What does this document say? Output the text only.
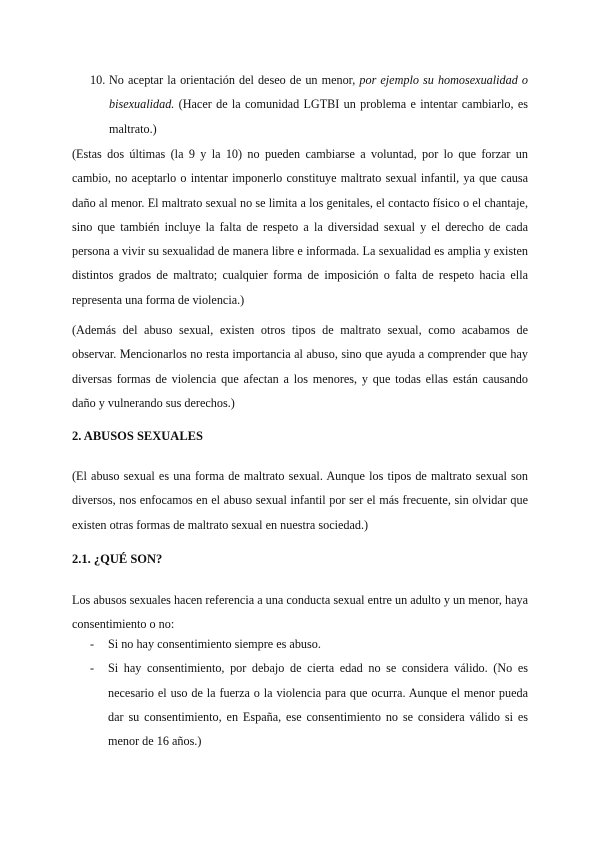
10. No aceptar la orientación del deseo de un menor, por ejemplo su homosexualidad o bisexualidad. (Hacer de la comunidad LGTBI un problema e intentar cambiarlo, es maltrato.)

(Estas dos últimas (la 9 y la 10) no pueden cambiarse a voluntad, por lo que forzar un cambio, no aceptarlo o intentar imponerlo constituye maltrato sexual infantil, ya que causa daño al menor. El maltrato sexual no se limita a los genitales, el contacto físico o el chantaje, sino que también incluye la falta de respeto a la diversidad sexual y el derecho de cada persona a vivir su sexualidad de manera libre e informada. La sexualidad es amplia y existen distintos grados de maltrato; cualquier forma de imposición o falta de respeto hacia ella representa una forma de violencia.)

(Además del abuso sexual, existen otros tipos de maltrato sexual, como acabamos de observar. Mencionarlos no resta importancia al abuso, sino que ayuda a comprender que hay diversas formas de violencia que afectan a los menores, y que todas ellas están causando daño y vulnerando sus derechos.)

2. ABUSOS SEXUALES

(El abuso sexual es una forma de maltrato sexual. Aunque los tipos de maltrato sexual son diversos, nos enfocamos en el abuso sexual infantil por ser el más frecuente, sin olvidar que existen otras formas de maltrato sexual en nuestra sociedad.)

2.1. ¿QUÉ SON?

Los abusos sexuales hacen referencia a una conducta sexual entre un adulto y un menor, haya consentimiento o no:

- Si no hay consentimiento siempre es abuso.
- Si hay consentimiento, por debajo de cierta edad no se considera válido. (No es necesario el uso de la fuerza o la violencia para que ocurra. Aunque el menor pueda dar su consentimiento, en España, ese consentimiento no se considera válido si es menor de 16 años.)
